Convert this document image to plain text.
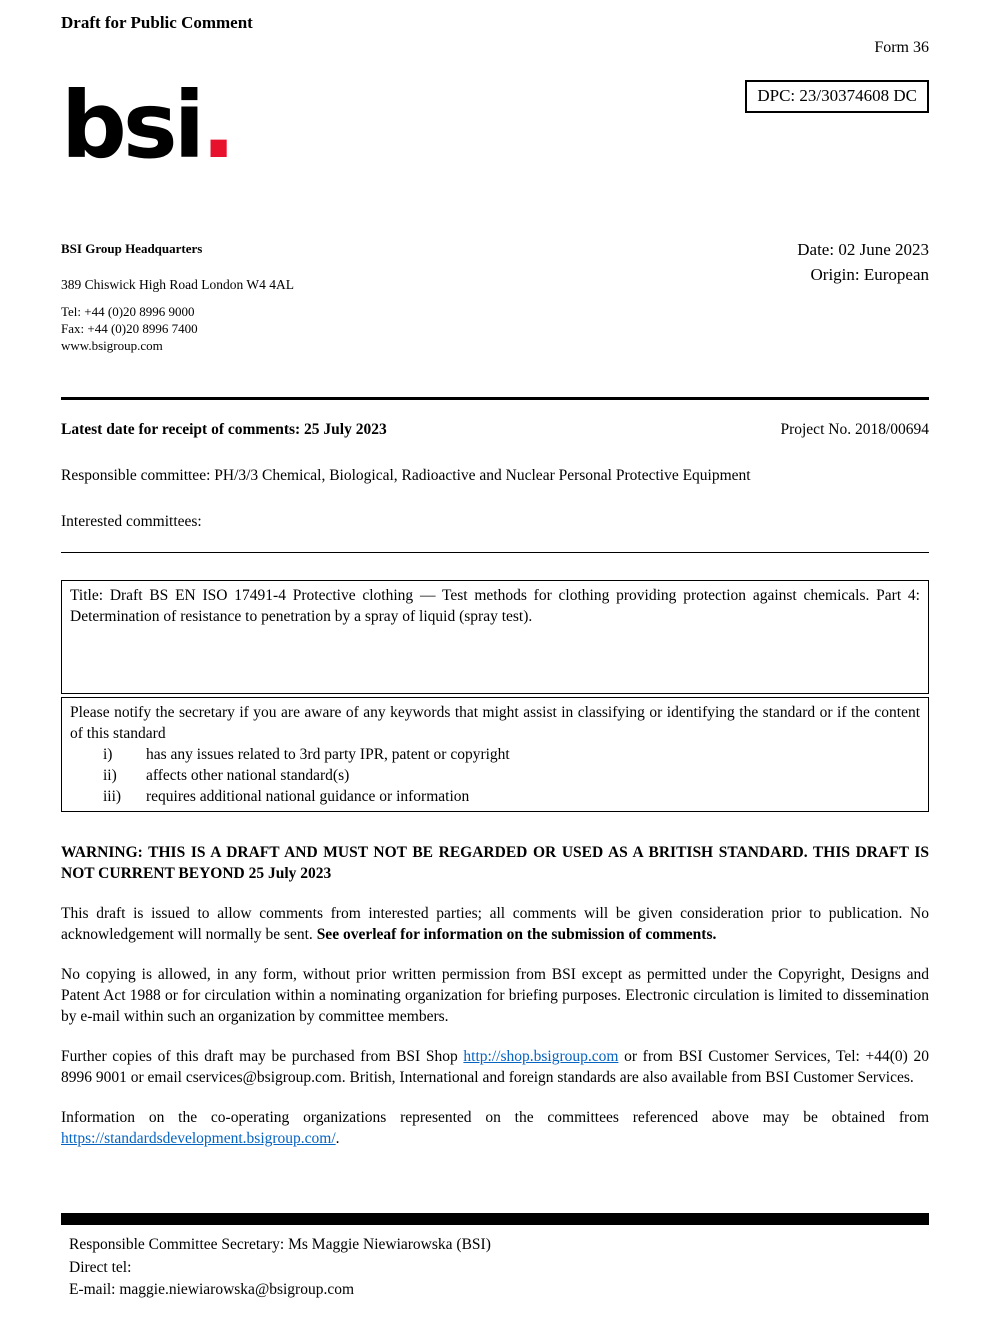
Draft for Public Comment
Form 36
bsi.	DPC: 23/30374608 DC
BSI Group Headquarters
389 Chiswick High Road London W4 4AL
Tel: +44 (0)20 8996 9000
Fax: +44 (0)20 8996 7400
www.bsigroup.com
Date: 02 June 2023
Origin: European
Latest date for receipt of comments: 25 July 2023	Project No. 2018/00694
Responsible committee: PH/3/3 Chemical, Biological, Radioactive and Nuclear Personal Protective Equipment
Interested committees:
Title: Draft BS EN ISO 17491-4 Protective clothing — Test methods for clothing providing protection against chemicals. Part 4: Determination of resistance to penetration by a spray of liquid (spray test).
Please notify the secretary if you are aware of any keywords that might assist in classifying or identifying the standard or if the content of this standard
i)	has any issues related to 3rd party IPR, patent or copyright
ii)	affects other national standard(s)
iii)	requires additional national guidance or information
WARNING: THIS IS A DRAFT AND MUST NOT BE REGARDED OR USED AS A BRITISH STANDARD. THIS DRAFT IS NOT CURRENT BEYOND 25 July 2023
This draft is issued to allow comments from interested parties; all comments will be given consideration prior to publication. No acknowledgement will normally be sent. See overleaf for information on the submission of comments.
No copying is allowed, in any form, without prior written permission from BSI except as permitted under the Copyright, Designs and Patent Act 1988 or for circulation within a nominating organization for briefing purposes. Electronic circulation is limited to dissemination by e-mail within such an organization by committee members.
Further copies of this draft may be purchased from BSI Shop http://shop.bsigroup.com or from BSI Customer Services, Tel: +44(0) 20 8996 9001 or email cservices@bsigroup.com. British, International and foreign standards are also available from BSI Customer Services.
Information on the co-operating organizations represented on the committees referenced above may be obtained from https://standardsdevelopment.bsigroup.com/.
Responsible Committee Secretary: Ms Maggie Niewiarowska (BSI)
Direct tel:
E-mail: maggie.niewiarowska@bsigroup.com
